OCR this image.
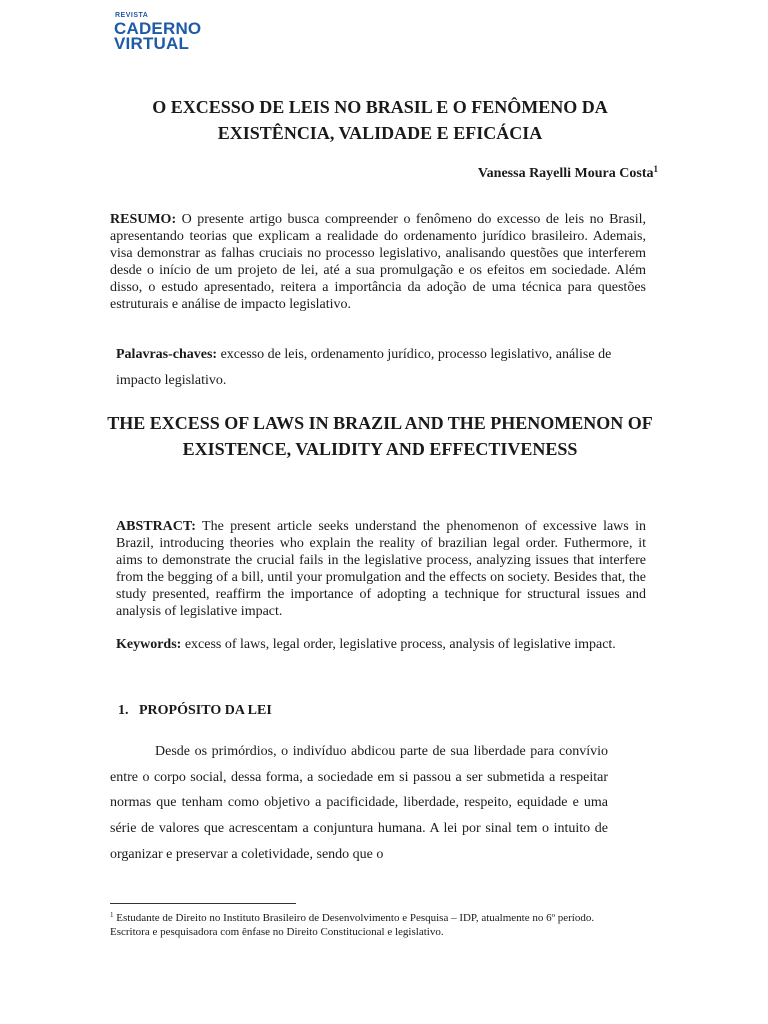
REVISTA
CADERNO
VIRTUAL
O EXCESSO DE LEIS NO BRASIL E O FENÔMENO DA EXISTÊNCIA, VALIDADE E EFICÁCIA
Vanessa Rayelli Moura Costa$^1$
RESUMO: O presente artigo busca compreender o fenômeno do excesso de leis no Brasil, apresentando teorias que explicam a realidade do ordenamento jurídico brasileiro. Ademais, visa demonstrar as falhas cruciais no processo legislativo, analisando questões que interferem desde o início de um projeto de lei, até a sua promulgação e os efeitos em sociedade. Além disso, o estudo apresentado, reitera a importância da adoção de uma técnica para questões estruturais e análise de impacto legislativo.
Palavras-chaves: excesso de leis, ordenamento jurídico, processo legislativo, análise de impacto legislativo.
THE EXCESS OF LAWS IN BRAZIL AND THE PHENOMENON OF EXISTENCE, VALIDITY AND EFFECTIVENESS
ABSTRACT: The present article seeks understand the phenomenon of excessive laws in Brazil, introducing theories who explain the reality of brazilian legal order. Futhermore, it aims to demonstrate the crucial fails in the legislative process, analyzing issues that interfere from the begging of a bill, until your promulgation and the effects on society. Besides that, the study presented, reaffirm the importance of adopting a technique for structural issues and analysis of legislative impact.
Keywords: excess of laws, legal order, legislative process, analysis of legislative impact.
1.   PROPÓSITO DA LEI
Desde os primórdios, o indivíduo abdicou parte de sua liberdade para convívio entre o corpo social, dessa forma, a sociedade em si passou a ser submetida a respeitar normas que tenham como objetivo a pacificidade, liberdade, respeito, equidade e uma série de valores que acrescentam a conjuntura humana. A lei por sinal tem o intuito de organizar e preservar a coletividade, sendo que o
$^1$ Estudante de Direito no Instituto Brasileiro de Desenvolvimento e Pesquisa – IDP, atualmente no 6º período. Escritora e pesquisadora com ênfase no Direito Constitucional e legislativo.
